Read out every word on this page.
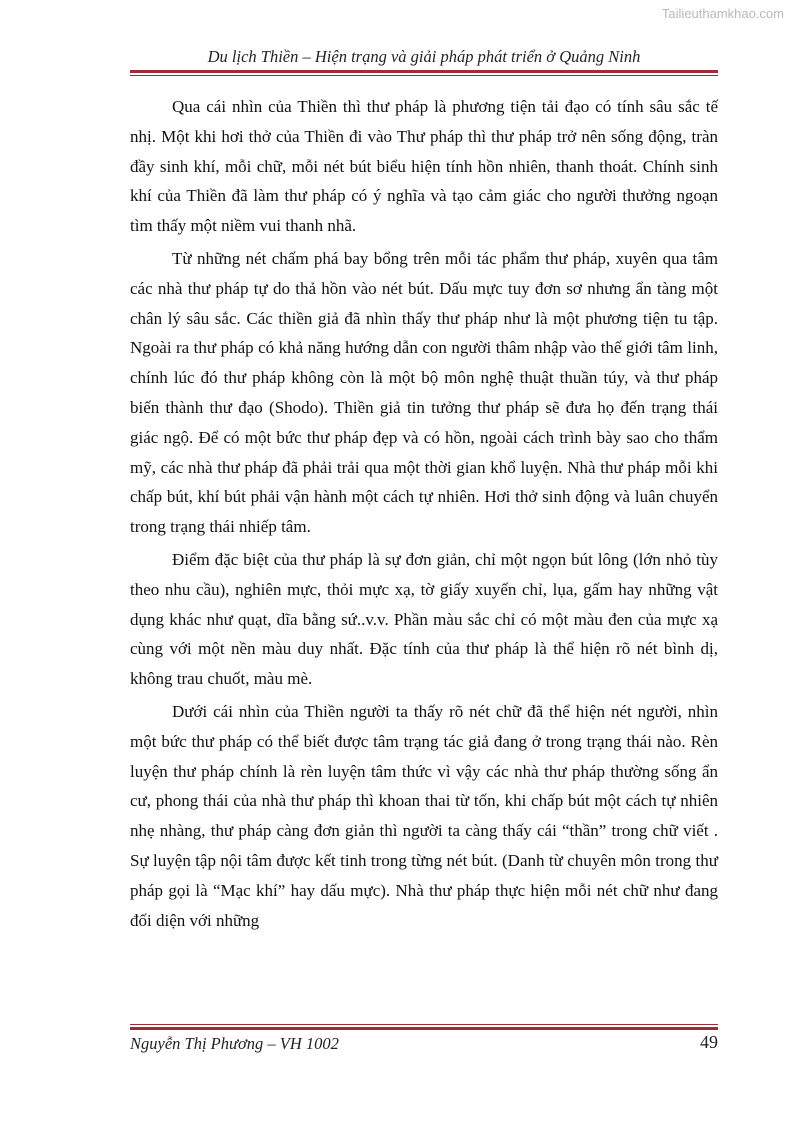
Tailieuthamkhao.com
Du lịch Thiền – Hiện trạng và giải pháp phát triển ở Quảng Ninh

Qua cái nhìn của Thiền thì thư pháp là phương tiện tải đạo có tính sâu sắc tế nhị. Một khi hơi thở của Thiền đi vào Thư pháp thì thư pháp trở nên sống động, tràn đầy sinh khí, mỗi chữ, mỗi nét bút biểu hiện tính hồn nhiên, thanh thoát. Chính sinh khí của Thiền đã làm thư pháp có ý nghĩa và tạo cảm giác cho người thưởng ngoạn tìm thấy một niềm vui thanh nhã.

Từ những nét chấm phá bay bổng trên mỗi tác phẩm thư pháp, xuyên qua tâm các nhà thư pháp tự do thả hồn vào nét bút. Dấu mực tuy đơn sơ nhưng ẩn tàng một chân lý sâu sắc. Các thiền giả đã nhìn thấy thư pháp như là một phương tiện tu tập. Ngoài ra thư pháp có khả năng hướng dẫn con người thâm nhập vào thế giới tâm linh, chính lúc đó thư pháp không còn là một bộ môn nghệ thuật thuần túy, và thư pháp biến thành thư đạo (Shodo). Thiền giả tin tưởng thư pháp sẽ đưa họ đến trạng thái giác ngộ. Để có một bức thư pháp đẹp và có hồn, ngoài cách trình bày sao cho thẩm mỹ, các nhà thư pháp đã phải trải qua một thời gian khổ luyện. Nhà thư pháp mỗi khi chấp bút, khí bút phải vận hành một cách tự nhiên. Hơi thở sinh động và luân chuyển trong trạng thái nhiếp tâm.

Điểm đặc biệt của thư pháp là sự đơn giản, chỉ một ngọn bút lông (lớn nhỏ tùy theo nhu cầu), nghiên mực, thỏi mực xạ, tờ giấy xuyến chỉ, lụa, gấm hay những vật dụng khác như quạt, dĩa bằng sứ..v.v. Phần màu sắc chỉ có một màu đen của mực xạ cùng với một nền màu duy nhất. Đặc tính của thư pháp là thể hiện rõ nét bình dị, không trau chuốt, màu mè.

Dưới cái nhìn của Thiền người ta thấy rõ nét chữ đã thể hiện nét người, nhìn một bức thư pháp có thể biết được tâm trạng tác giả đang ở trong trạng thái nào. Rèn luyện thư pháp chính là rèn luyện tâm thức vì vậy các nhà thư pháp thường sống ẩn cư, phong thái của nhà thư pháp thì khoan thai từ tốn, khi chấp bút một cách tự nhiên nhẹ nhàng, thư pháp càng đơn giản thì người ta càng thấy cái “thần” trong chữ viết . Sự luyện tập nội tâm được kết tinh trong từng nét bút. (Danh từ chuyên môn trong thư pháp gọi là “Mạc khí” hay dấu mực). Nhà thư pháp thực hiện mỗi nét chữ như đang đối diện với những

Nguyễn Thị Phương – VH 1002	49
